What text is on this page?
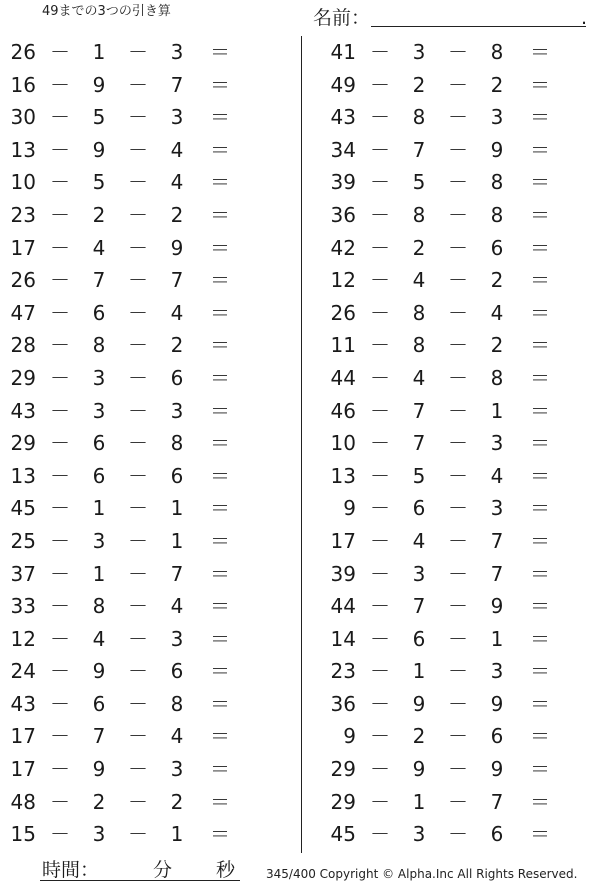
49までの3つの引き算	名前：	.
26 － 1 － 3 ＝
16 － 9 － 7 ＝
30 － 5 － 3 ＝
13 － 9 － 4 ＝
10 － 5 － 4 ＝
23 － 2 － 2 ＝
17 － 4 － 9 ＝
26 － 7 － 7 ＝
47 － 6 － 4 ＝
28 － 8 － 2 ＝
29 － 3 － 6 ＝
43 － 3 － 3 ＝
29 － 6 － 8 ＝
13 － 6 － 6 ＝
45 － 1 － 1 ＝
25 － 3 － 1 ＝
37 － 1 － 7 ＝
33 － 8 － 4 ＝
12 － 4 － 3 ＝
24 － 9 － 6 ＝
43 － 6 － 8 ＝
17 － 7 － 4 ＝
17 － 9 － 3 ＝
48 － 2 － 2 ＝
15 － 3 － 1 ＝
41 － 3 － 8 ＝
49 － 2 － 2 ＝
43 － 8 － 3 ＝
34 － 7 － 9 ＝
39 － 5 － 8 ＝
36 － 8 － 8 ＝
42 － 2 － 6 ＝
12 － 4 － 2 ＝
26 － 8 － 4 ＝
11 － 8 － 2 ＝
44 － 4 － 8 ＝
46 － 7 － 1 ＝
10 － 7 － 3 ＝
13 － 5 － 4 ＝
9 － 6 － 3 ＝
17 － 4 － 7 ＝
39 － 3 － 7 ＝
44 － 7 － 9 ＝
14 － 6 － 1 ＝
23 － 1 － 3 ＝
36 － 9 － 9 ＝
9 － 2 － 6 ＝
29 － 9 － 9 ＝
29 － 1 － 7 ＝
45 － 3 － 6 ＝
時間：	分 秒	345/400 Copyright © Alpha.Inc All Rights Reserved.
